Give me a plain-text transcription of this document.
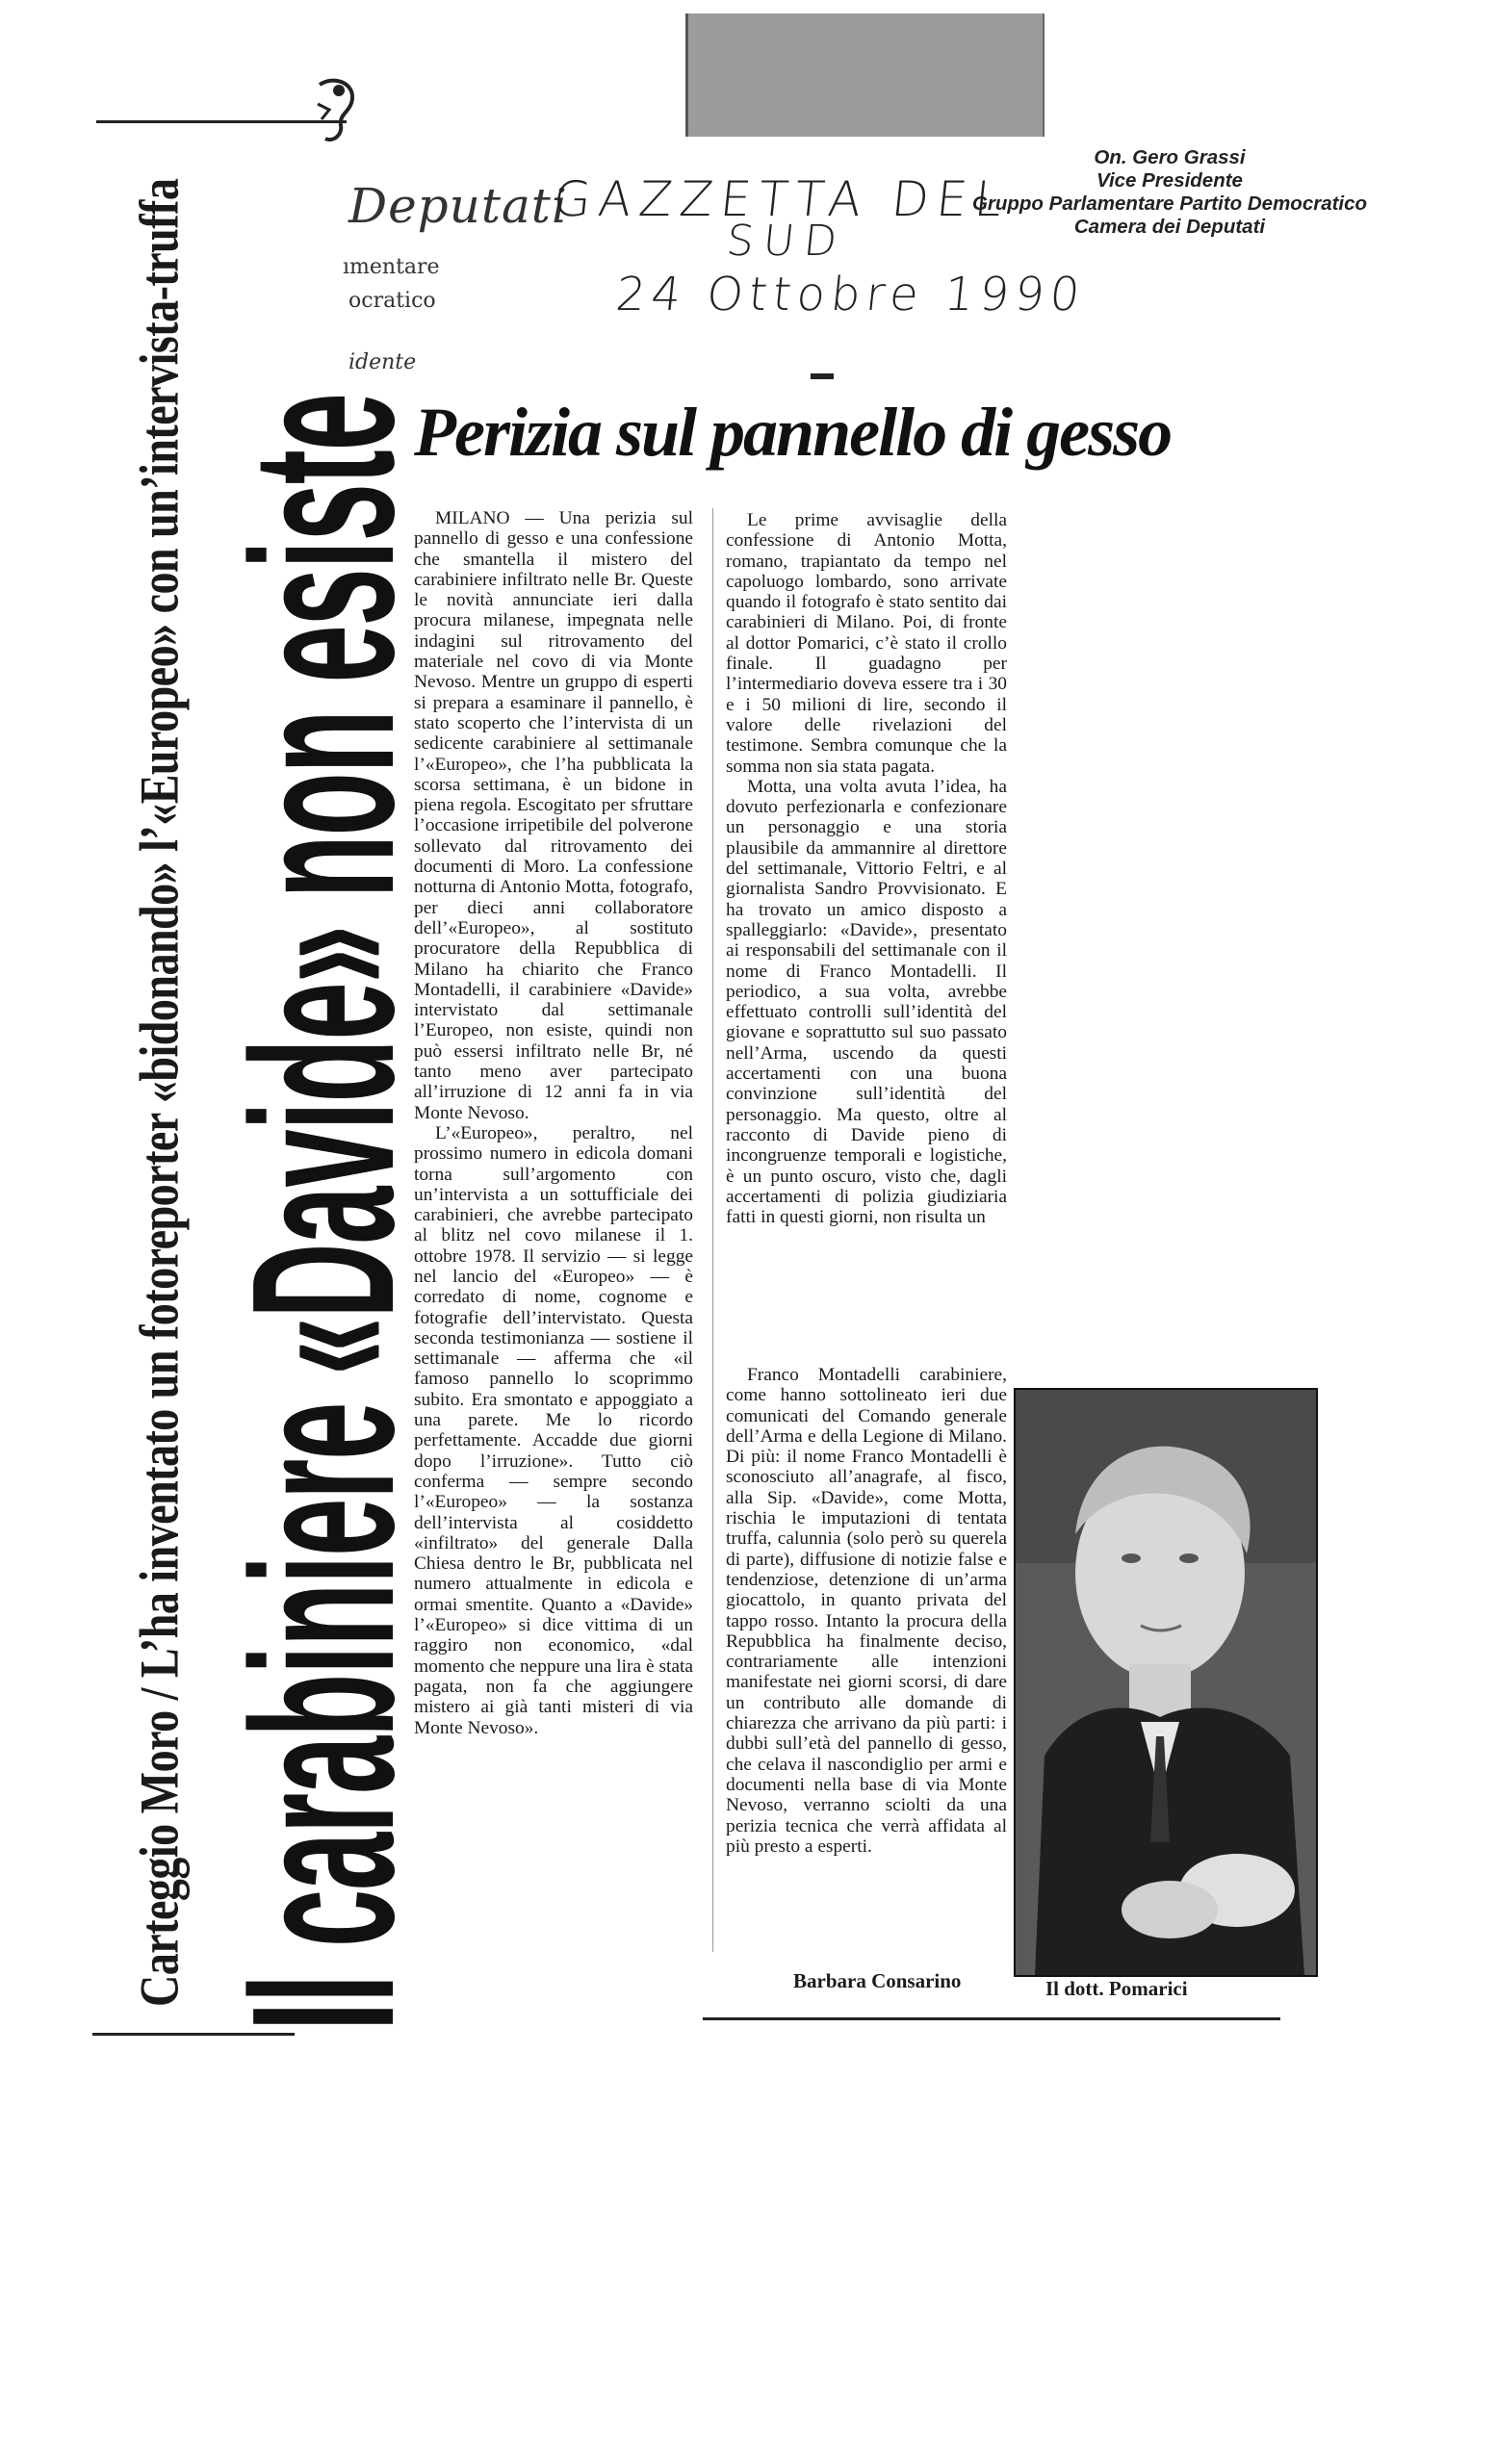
Deputati
ımentare
ocratico
idente
GAZZETTA DEL
SUD
24 Ottobre 1990
On. Gero Grassi
Vice Presidente
Gruppo Parlamentare Partito Democratico
Camera dei Deputati
Carteggio Moro / L’ha inventato un fotoreporter «bidonando» l’«Europeo» con un’intervista-truffa Il carabiniere «Davide» non esiste
Perizia sul pannello di gesso

MILANO — Una perizia sul pannello di gesso e una confessione che smantella il mistero del carabiniere infiltrato nelle Br. Queste le novità annunciate ieri dalla procura milanese, impegnata nelle indagini sul ritrovamento del materiale nel covo di via Monte Nevoso. Mentre un gruppo di esperti si prepara a esaminare il pannello, è stato scoperto che l’intervista di un sedicente carabiniere al settimanale l’«Europeo», che l’ha pubblicata la scorsa settimana, è un bidone in piena regola. Escogitato per sfruttare l’occasione irripetibile del polverone sollevato dal ritrovamento dei documenti di Moro. La confessione notturna di Antonio Motta, fotografo, per dieci anni collaboratore dell’«Europeo», al sostituto procuratore della Repubblica di Milano ha chiarito che Franco Montadelli, il carabiniere «Davide» intervistato dal settimanale l’Europeo, non esiste, quindi non può essersi infiltrato nelle Br, né tanto meno aver partecipato all’irruzione di 12 anni fa in via Monte Nevoso.

L’«Europeo», peraltro, nel prossimo numero in edicola domani torna sull’argomento con un’intervista a un sottufficiale dei carabinieri, che avrebbe partecipato al blitz nel covo milanese il 1. ottobre 1978. Il servizio — si legge nel lancio del «Europeo» — è corredato di nome, cognome e fotografie dell’intervistato. Questa seconda testimonianza — sostiene il settimanale — afferma che «il famoso pannello lo scoprimmo subito. Era smontato e appoggiato a una parete. Me lo ricordo perfettamente. Accadde due giorni dopo l’irruzione». Tutto ciò conferma — sempre secondo l’«Europeo» — la sostanza dell’intervista al cosiddetto «infiltrato» del generale Dalla Chiesa dentro le Br, pubblicata nel numero attualmente in edicola e ormai smentite. Quanto a «Davide» l’«Europeo» si dice vittima di un raggiro non economico, «dal momento che neppure una lira è stata pagata, non fa che aggiungere mistero ai già tanti misteri di via Monte Nevoso».

Le prime avvisaglie della confessione di Antonio Motta, romano, trapiantato da tempo nel capoluogo lombardo, sono arrivate quando il fotografo è stato sentito dai carabinieri di Milano. Poi, di fronte al dottor Pomarici, c’è stato il crollo finale. Il guadagno per l’intermediario doveva essere tra i 30 e i 50 milioni di lire, secondo il valore delle rivelazioni del testimone. Sembra comunque che la somma non sia stata pagata.

Motta, una volta avuta l’idea, ha dovuto perfezionarla e confezionare un personaggio e una storia plausibile da ammannire al direttore del settimanale, Vittorio Feltri, e al giornalista Sandro Provvisionato. E ha trovato un amico disposto a spalleggiarlo: «Davide», presentato ai responsabili del settimanale con il nome di Franco Montadelli. Il periodico, a sua volta, avrebbe effettuato controlli sull’identità del giovane e soprattutto sul suo passato nell’Arma, uscendo da questi accertamenti con una buona convinzione sull’identità del personaggio. Ma questo, oltre al racconto di Davide pieno di incongruenze temporali e logistiche, è un punto oscuro, visto che, dagli accertamenti di polizia giudiziaria fatti in questi giorni, non risulta un

Franco Montadelli carabiniere, come hanno sottolineato ieri due comunicati del Comando generale dell’Arma e della Legione di Milano. Di più: il nome Franco Montadelli è sconosciuto all’anagrafe, al fisco, alla Sip. «Davide», come Motta, rischia le imputazioni di tentata truffa, calunnia (solo però su querela di parte), diffusione di notizie false e tendenziose, detenzione di un’arma giocattolo, in quanto privata del tappo rosso. Intanto la procura della Repubblica ha finalmente deciso, contrariamente alle intenzioni manifestate nei giorni scorsi, di dare un contributo alle domande di chiarezza che arrivano da più parti: i dubbi sull’età del pannello di gesso, che celava il nascondiglio per armi e documenti nella base di via Monte Nevoso, verranno sciolti da una perizia tecnica che verrà affidata al più presto a esperti.

Barbara Consarino	Il dott. Pomarici
